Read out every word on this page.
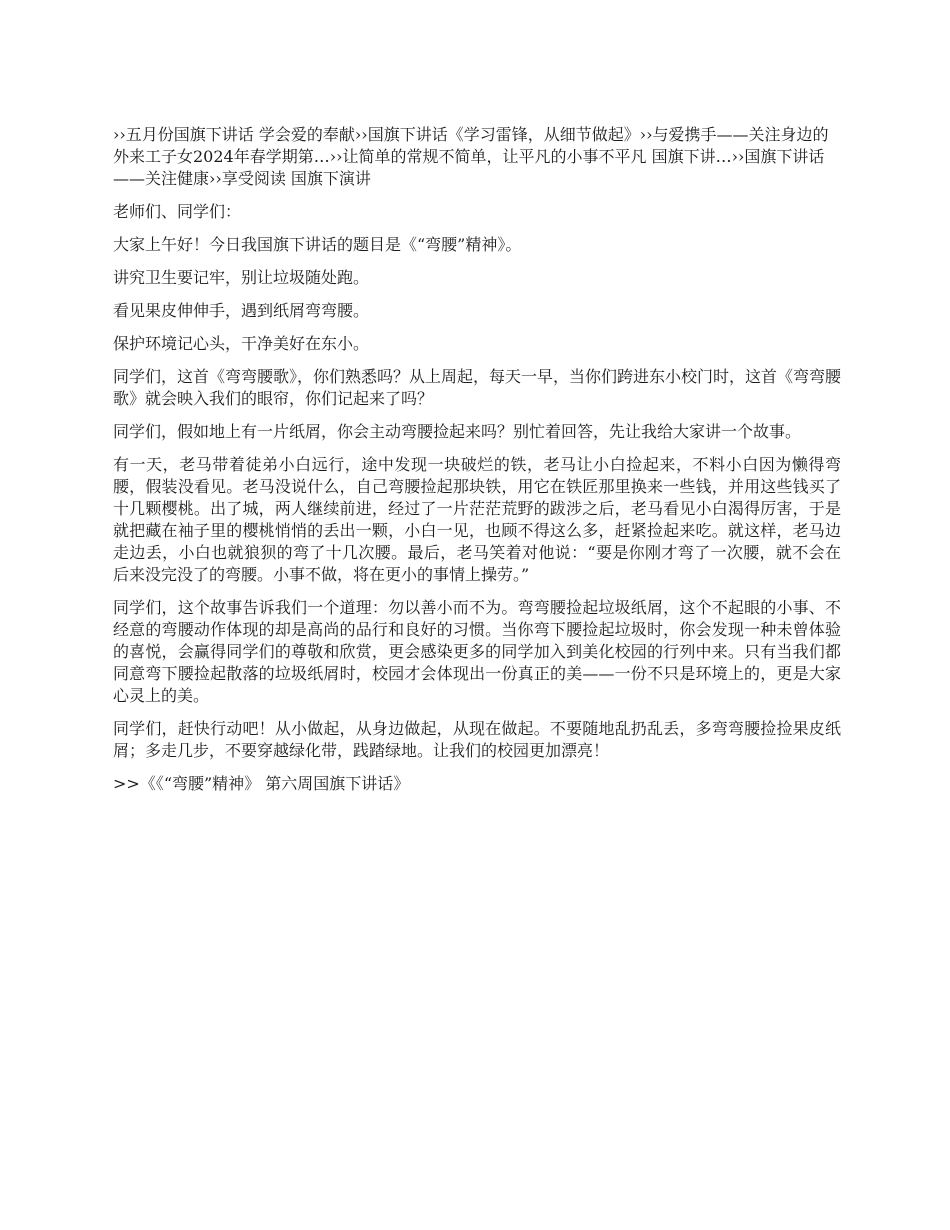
››五月份国旗下讲话 学会爱的奉献››国旗下讲话《学习雷锋，从细节做起》››与爱携手——关注身边的外来工子女2024年春学期第…››让简单的常规不简单，让平凡的小事不平凡 国旗下讲…››国旗下讲话——关注健康››享受阅读 国旗下演讲

老师们、同学们：

大家上午好！今日我国旗下讲话的题目是《“弯腰”精神》。

讲究卫生要记牢，别让垃圾随处跑。

看见果皮伸伸手，遇到纸屑弯弯腰。

保护环境记心头，干净美好在东小。

同学们，这首《弯弯腰歌》，你们熟悉吗？从上周起，每天一早，当你们跨进东小校门时，这首《弯弯腰歌》就会映入我们的眼帘，你们记起来了吗？

同学们，假如地上有一片纸屑，你会主动弯腰捡起来吗？别忙着回答，先让我给大家讲一个故事。

有一天，老马带着徒弟小白远行，途中发现一块破烂的铁，老马让小白捡起来，不料小白因为懒得弯腰，假装没看见。老马没说什么，自己弯腰捡起那块铁，用它在铁匠那里换来一些钱，并用这些钱买了十几颗樱桃。出了城，两人继续前进，经过了一片茫茫荒野的跋涉之后，老马看见小白渴得厉害，于是就把藏在袖子里的樱桃悄悄的丢出一颗，小白一见，也顾不得这么多，赶紧捡起来吃。就这样，老马边走边丢，小白也就狼狈的弯了十几次腰。最后，老马笑着对他说：“要是你刚才弯了一次腰，就不会在后来没完没了的弯腰。小事不做，将在更小的事情上操劳。”

同学们，这个故事告诉我们一个道理：勿以善小而不为。弯弯腰捡起垃圾纸屑，这个不起眼的小事、不经意的弯腰动作体现的却是高尚的品行和良好的习惯。当你弯下腰捡起垃圾时，你会发现一种未曾体验的喜悦，会赢得同学们的尊敬和欣赏，更会感染更多的同学加入到美化校园的行列中来。只有当我们都同意弯下腰捡起散落的垃圾纸屑时，校园才会体现出一份真正的美——一份不只是环境上的，更是大家心灵上的美。

同学们，赶快行动吧！从小做起，从身边做起，从现在做起。不要随地乱扔乱丢，多弯弯腰捡捡果皮纸屑；多走几步，不要穿越绿化带，践踏绿地。让我们的校园更加漂亮！

>>《《“弯腰”精神》 第六周国旗下讲话》
